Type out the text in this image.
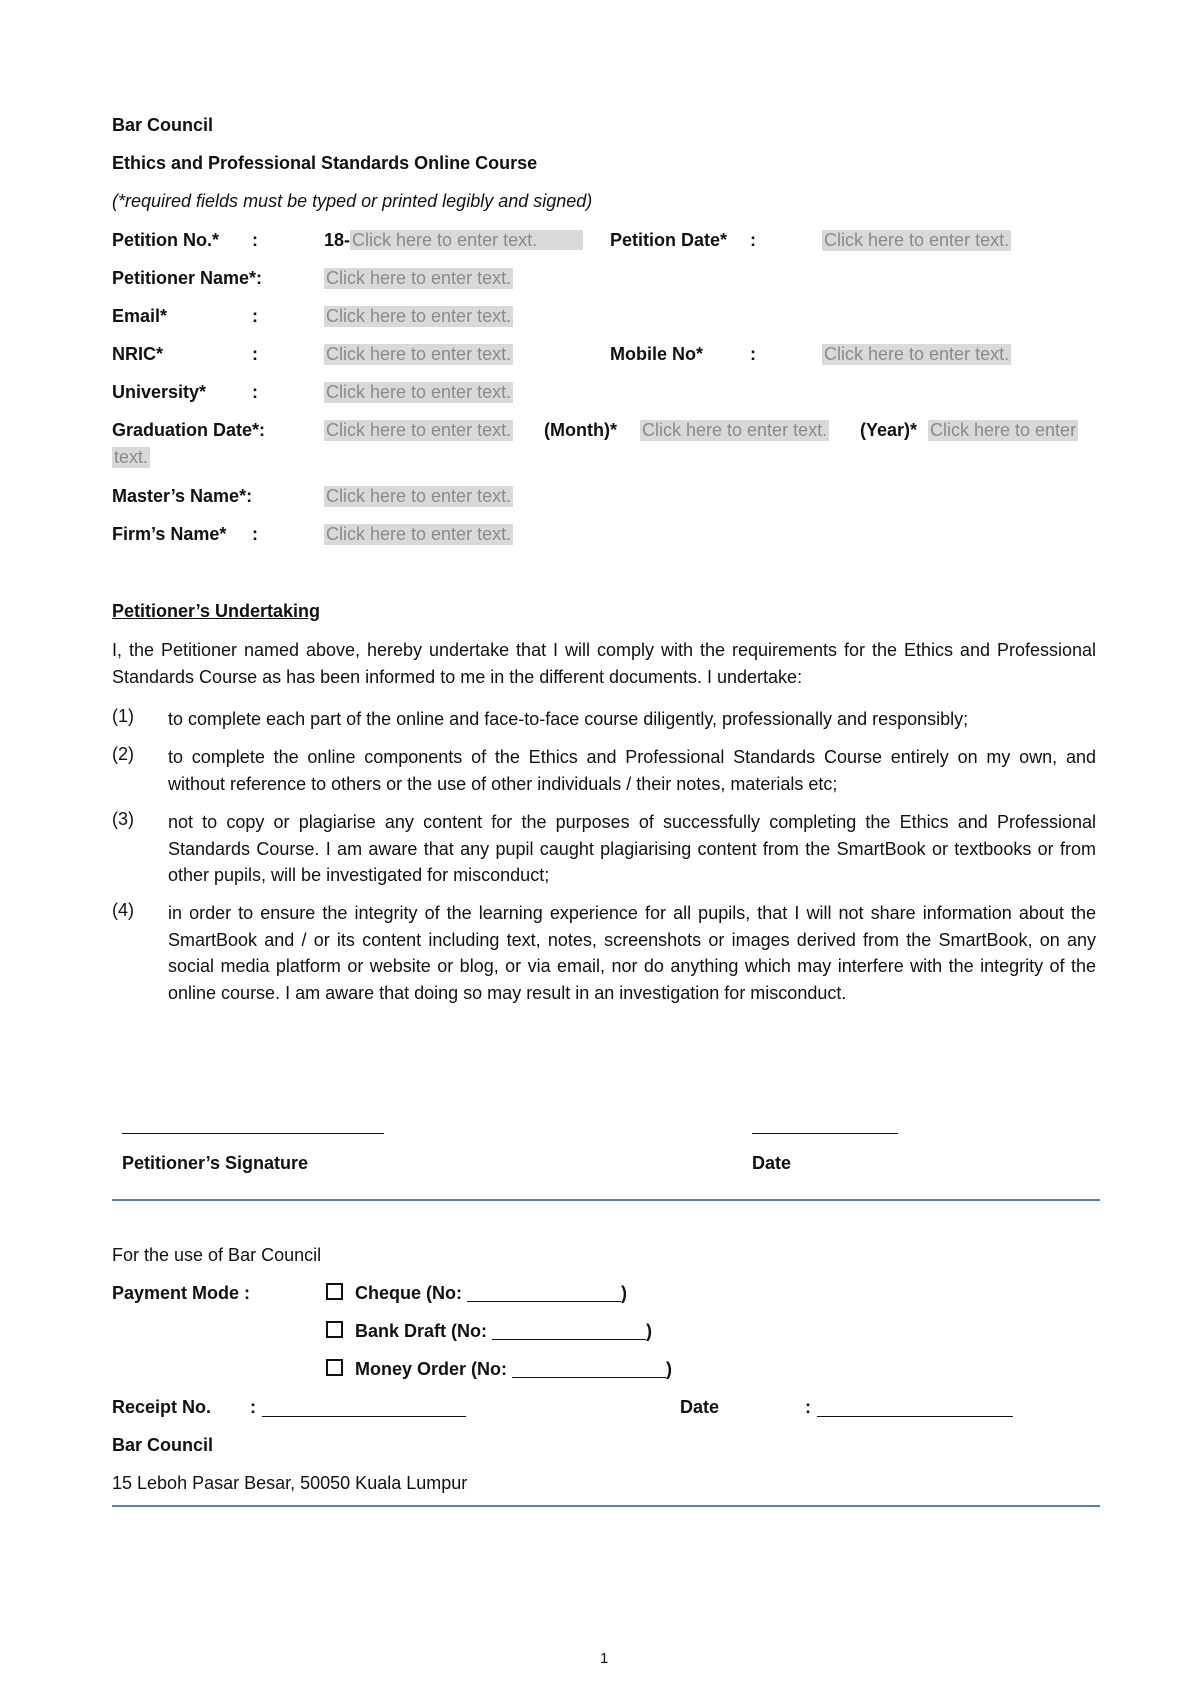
Bar Council
Ethics and Professional Standards Online Course
(*required fields must be typed or printed legibly and signed)
Petition No.* :	18- Click here to enter text.	Petition Date* :	Click here to enter text.
Petitioner Name*:	Click here to enter text.
Email*	:	Click here to enter text.
NRIC*	:	Click here to enter text.	Mobile No*	:	Click here to enter text.
University*	:	Click here to enter text.
Graduation Date*:	Click here to enter text. (Month)* Click here to enter text. (Year)* Click here to enter
text.
Master’s Name*:	Click here to enter text.
Firm’s Name* :	Click here to enter text.
Petitioner’s Undertaking
I, the Petitioner named above, hereby undertake that I will comply with the requirements for the Ethics and Professional Standards Course as has been informed to me in the different documents. I undertake:
(1) to complete each part of the online and face-to-face course diligently, professionally and responsibly;
(2) to complete the online components of the Ethics and Professional Standards Course entirely on my own, and without reference to others or the use of other individuals / their notes, materials etc;
(3) not to copy or plagiarise any content for the purposes of successfully completing the Ethics and Professional Standards Course. I am aware that any pupil caught plagiarising content from the SmartBook or textbooks or from other pupils, will be investigated for misconduct;
(4) in order to ensure the integrity of the learning experience for all pupils, that I will not share information about the SmartBook and / or its content including text, notes, screenshots or images derived from the SmartBook, on any social media platform or website or blog, or via email, nor do anything which may interfere with the integrity of the online course. I am aware that doing so may result in an investigation for misconduct.
Petitioner’s Signature	Date
For the use of Bar Council
Payment Mode :	Cheque (No:	)
Bank Draft (No:	)
Money Order (No:	)
Receipt No. :	Date	:
Bar Council
15 Leboh Pasar Besar, 50050 Kuala Lumpur
1
